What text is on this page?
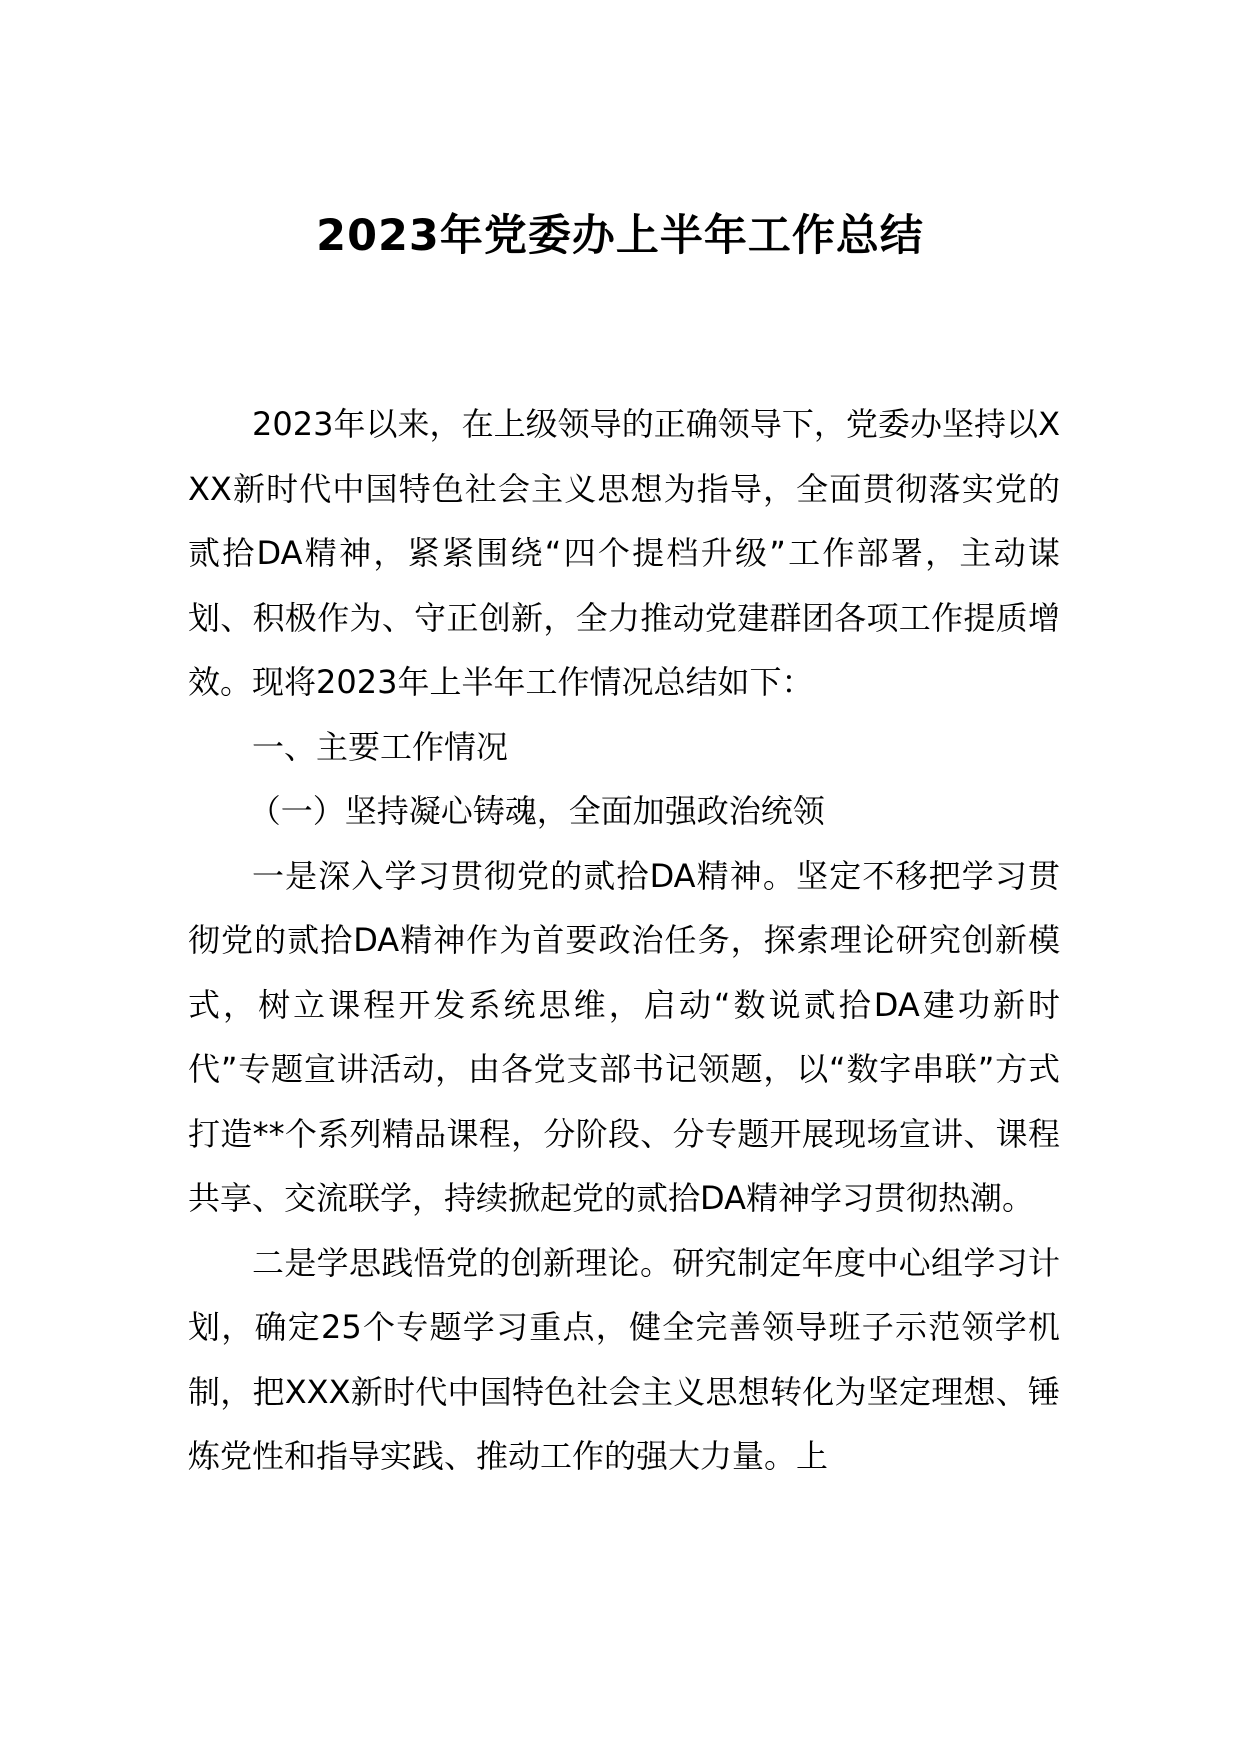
2023年党委办上半年工作总结

2023年以来，在上级领导的正确领导下，党委办坚持以XXX新时代中国特色社会主义思想为指导，全面贯彻落实党的贰拾DA精神，紧紧围绕“四个提档升级”工作部署，主动谋划、积极作为、守正创新，全力推动党建群团各项工作提质增效。现将2023年上半年工作情况总结如下：

一、主要工作情况

（一）坚持凝心铸魂，全面加强政治统领

一是深入学习贯彻党的贰拾DA精神。坚定不移把学习贯彻党的贰拾DA精神作为首要政治任务，探索理论研究创新模式，树立课程开发系统思维，启动“数说贰拾DA建功新时代”专题宣讲活动，由各党支部书记领题，以“数字串联”方式打造**个系列精品课程，分阶段、分专题开展现场宣讲、课程共享、交流联学，持续掀起党的贰拾DA精神学习贯彻热潮。

二是学思践悟党的创新理论。研究制定年度中心组学习计划，确定25个专题学习重点，健全完善领导班子示范领学机制，把XXX新时代中国特色社会主义思想转化为坚定理想、锤炼党性和指导实践、推动工作的强大力量。上
